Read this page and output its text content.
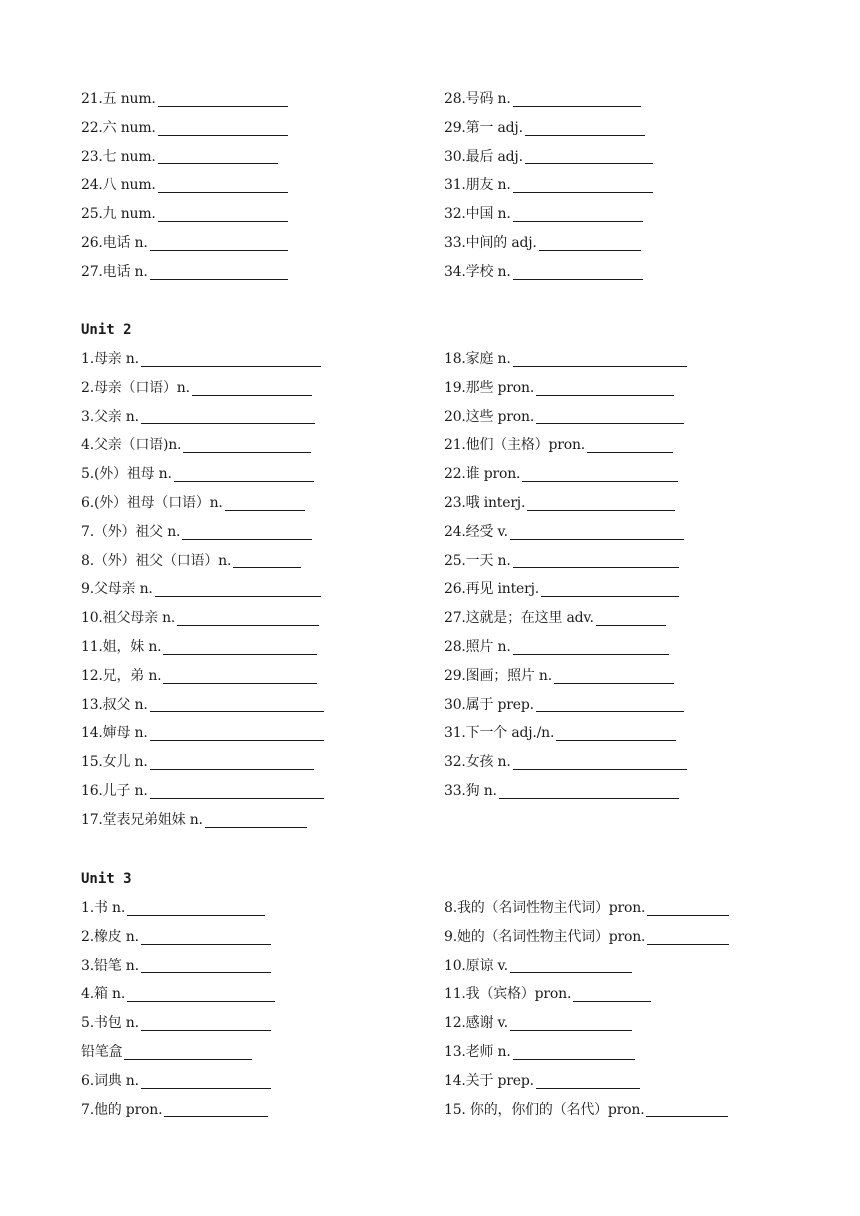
21.五 num.
22.六 num.
23.七 num.
24.八 num.
25.九 num.
26.电话 n.
27.电话 n.
28.号码 n.
29.第一 adj.
30.最后 adj.
31.朋友 n.
32.中国 n.
33.中间的 adj.
34.学校 n.
Unit 2
1.母亲 n.
2.母亲（口语）n.
3.父亲 n.
4.父亲（口语)n.
5.(外）祖母 n.
6.(外）祖母（口语）n.
7.（外）祖父 n.
8.（外）祖父（口语）n.
9.父母亲 n.
10.祖父母亲 n.
11.姐，妹 n.
12.兄，弟 n.
13.叔父 n.
14.婶母 n.
15.女儿 n.
16.儿子 n.
17.堂表兄弟姐妹 n.
18.家庭 n.
19.那些 pron.
20.这些 pron.
21.他们（主格）pron.
22.谁 pron.
23.哦 interj.
24.经受 v.
25.一天 n.
26.再见 interj.
27.这就是；在这里 adv.
28.照片 n.
29.图画；照片 n.
30.属于 prep.
31.下一个 adj./n.
32.女孩 n.
33.狗 n.
Unit 3
1.书 n.
2.橡皮 n.
3.铅笔 n.
4.箱 n.
5.书包 n.
铅笔盒
6.词典 n.
7.他的 pron.
8.我的（名词性物主代词）pron.
9.她的（名词性物主代词）pron.
10.原谅 v.
11.我（宾格）pron.
12.感谢 v.
13.老师 n.
14.关于 prep.
15. 你的，你们的（名代）pron.
